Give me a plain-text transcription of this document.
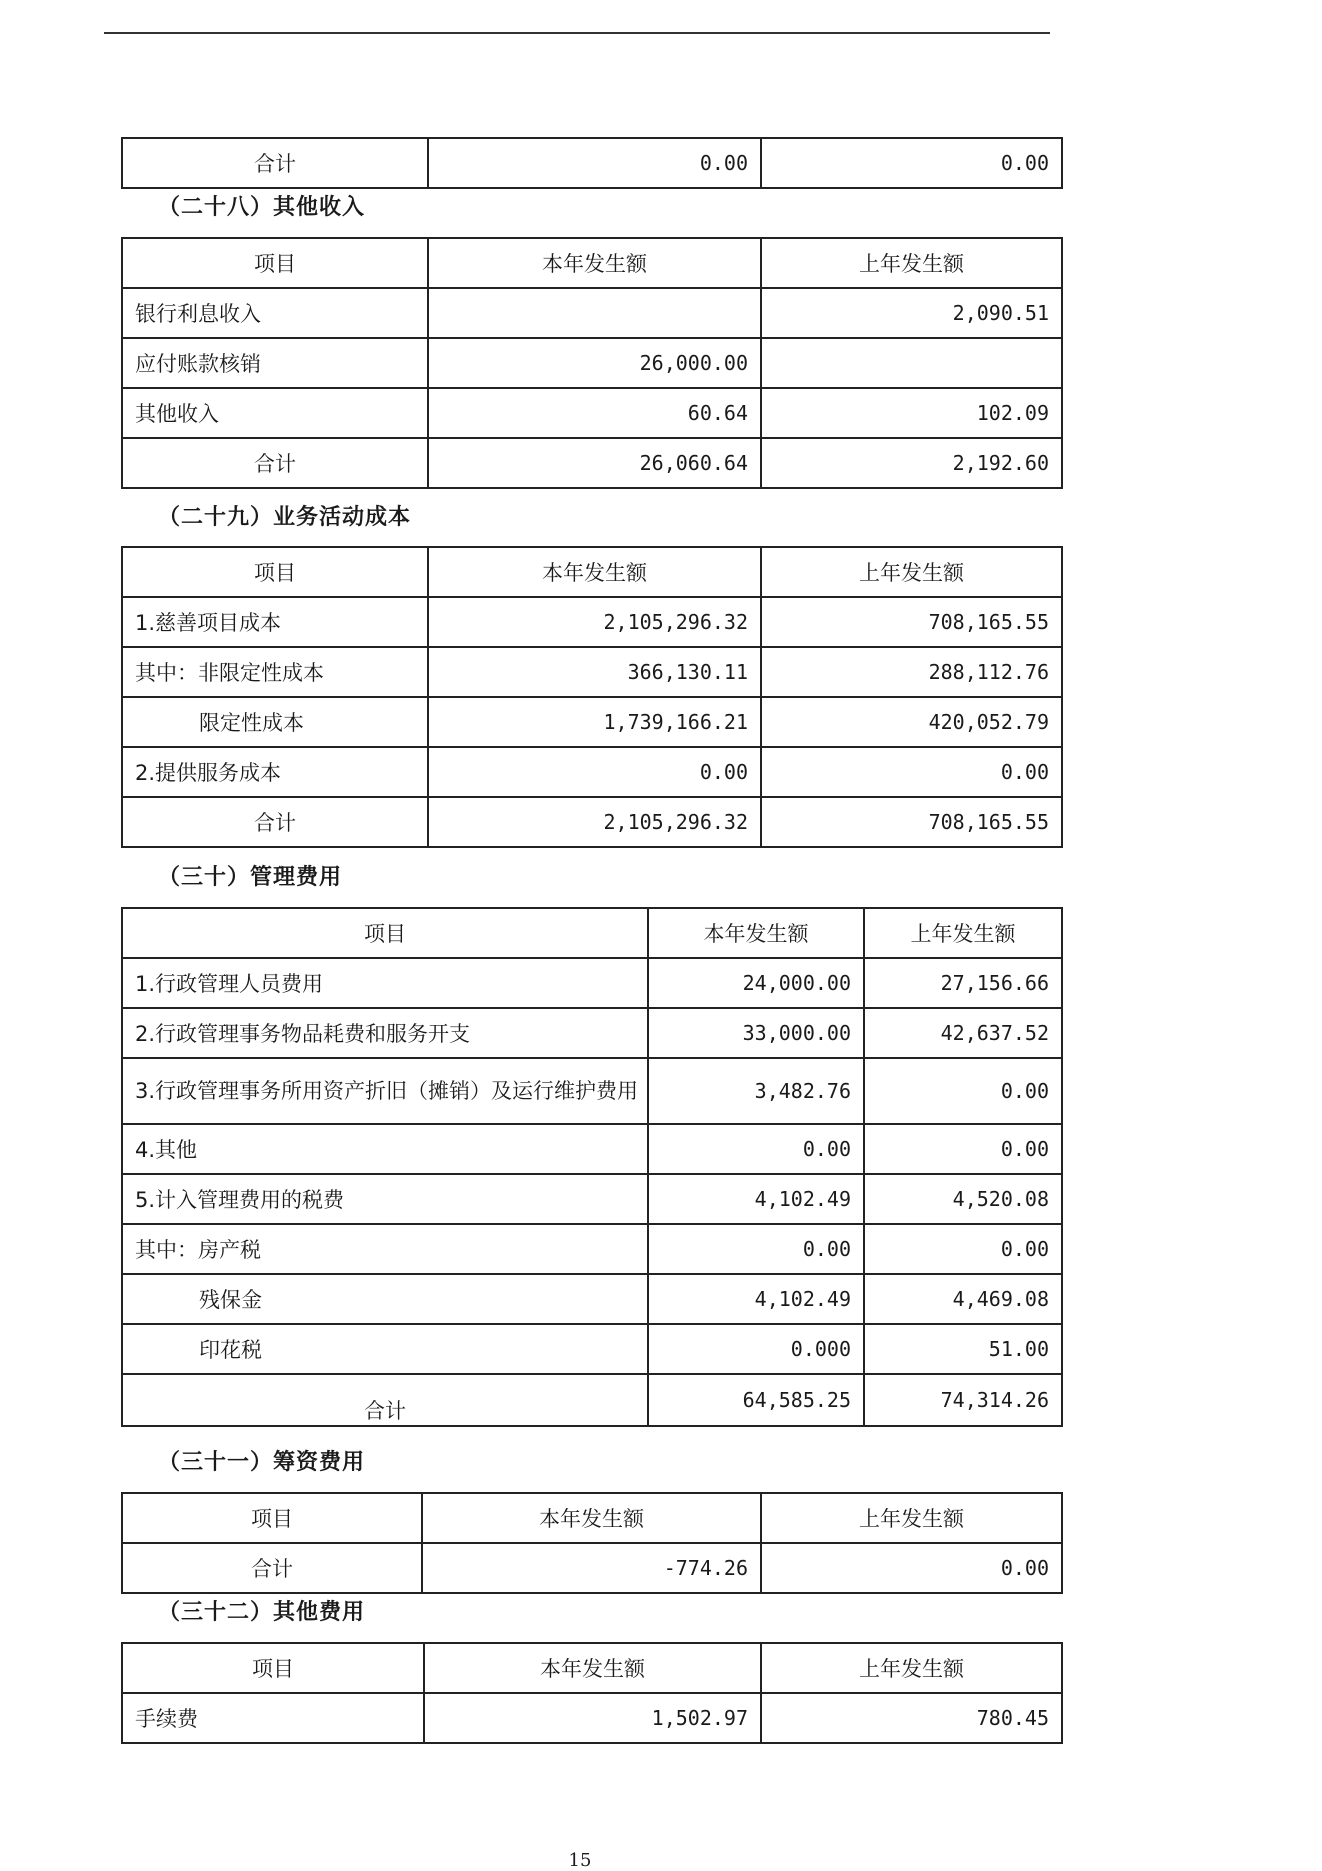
合计	0.00	0.00
（二十八）其他收入
项目	本年发生额	上年发生额
银行利息收入		2,090.51
应付账款核销	26,000.00	
其他收入	60.64	102.09
合计	26,060.64	2,192.60
（二十九）业务活动成本
项目	本年发生额	上年发生额
1.慈善项目成本	2,105,296.32	708,165.55
其中：非限定性成本	366,130.11	288,112.76
限定性成本	1,739,166.21	420,052.79
2.提供服务成本	0.00	0.00
合计	2,105,296.32	708,165.55
（三十）管理费用
项目	本年发生额	上年发生额
1.行政管理人员费用	24,000.00	27,156.66
2.行政管理事务物品耗费和服务开支	33,000.00	42,637.52
3.行政管理事务所用资产折旧（摊销）及运行维护费用	3,482.76	0.00
4.其他	0.00	0.00
5.计入管理费用的税费	4,102.49	4,520.08
其中：房产税	0.00	0.00
残保金	4,102.49	4,469.08
印花税	0.000	51.00
合计	64,585.25	74,314.26
（三十一）筹资费用
项目	本年发生额	上年发生额
合计	-774.26	0.00
（三十二）其他费用
项目	本年发生额	上年发生额
手续费	1,502.97	780.45
15
